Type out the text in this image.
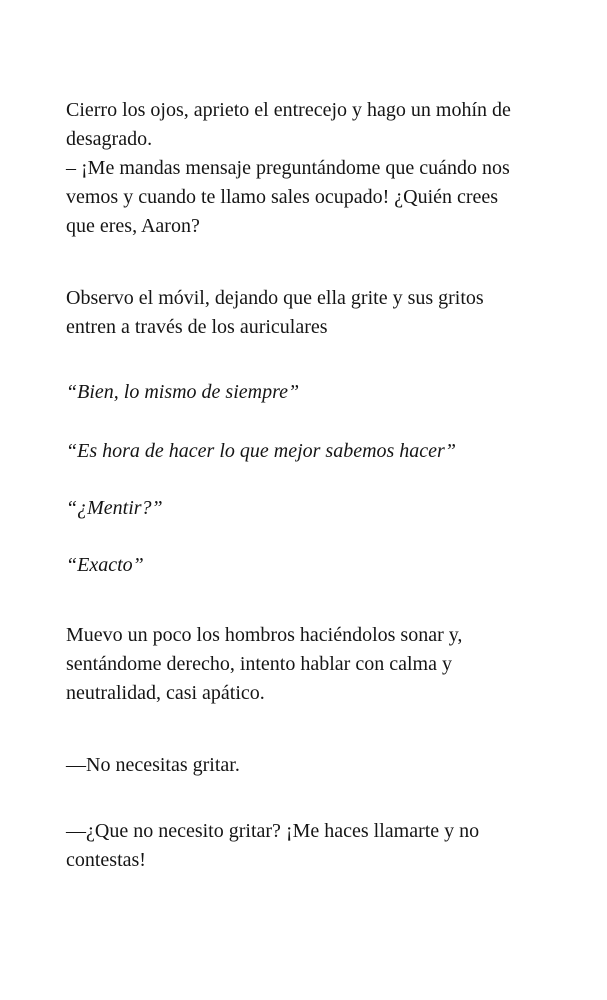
Cierro los ojos, aprieto el entrecejo y hago un mohín de
desagrado.
– ¡Me mandas mensaje preguntándome que cuándo nos
vemos y cuando te llamo sales ocupado! ¿Quién crees
que eres, Aaron?
Observo el móvil, dejando que ella grite y sus gritos
entren a través de los auriculares
“Bien, lo mismo de siempre”
“Es hora de hacer lo que mejor sabemos hacer”
“¿Mentir?”
“Exacto”
Muevo un poco los hombros haciéndolos sonar y,
sentándome derecho, intento hablar con calma y
neutralidad, casi apático.
—No necesitas gritar.
—¿Que no necesito gritar? ¡Me haces llamarte y no
contestas!
